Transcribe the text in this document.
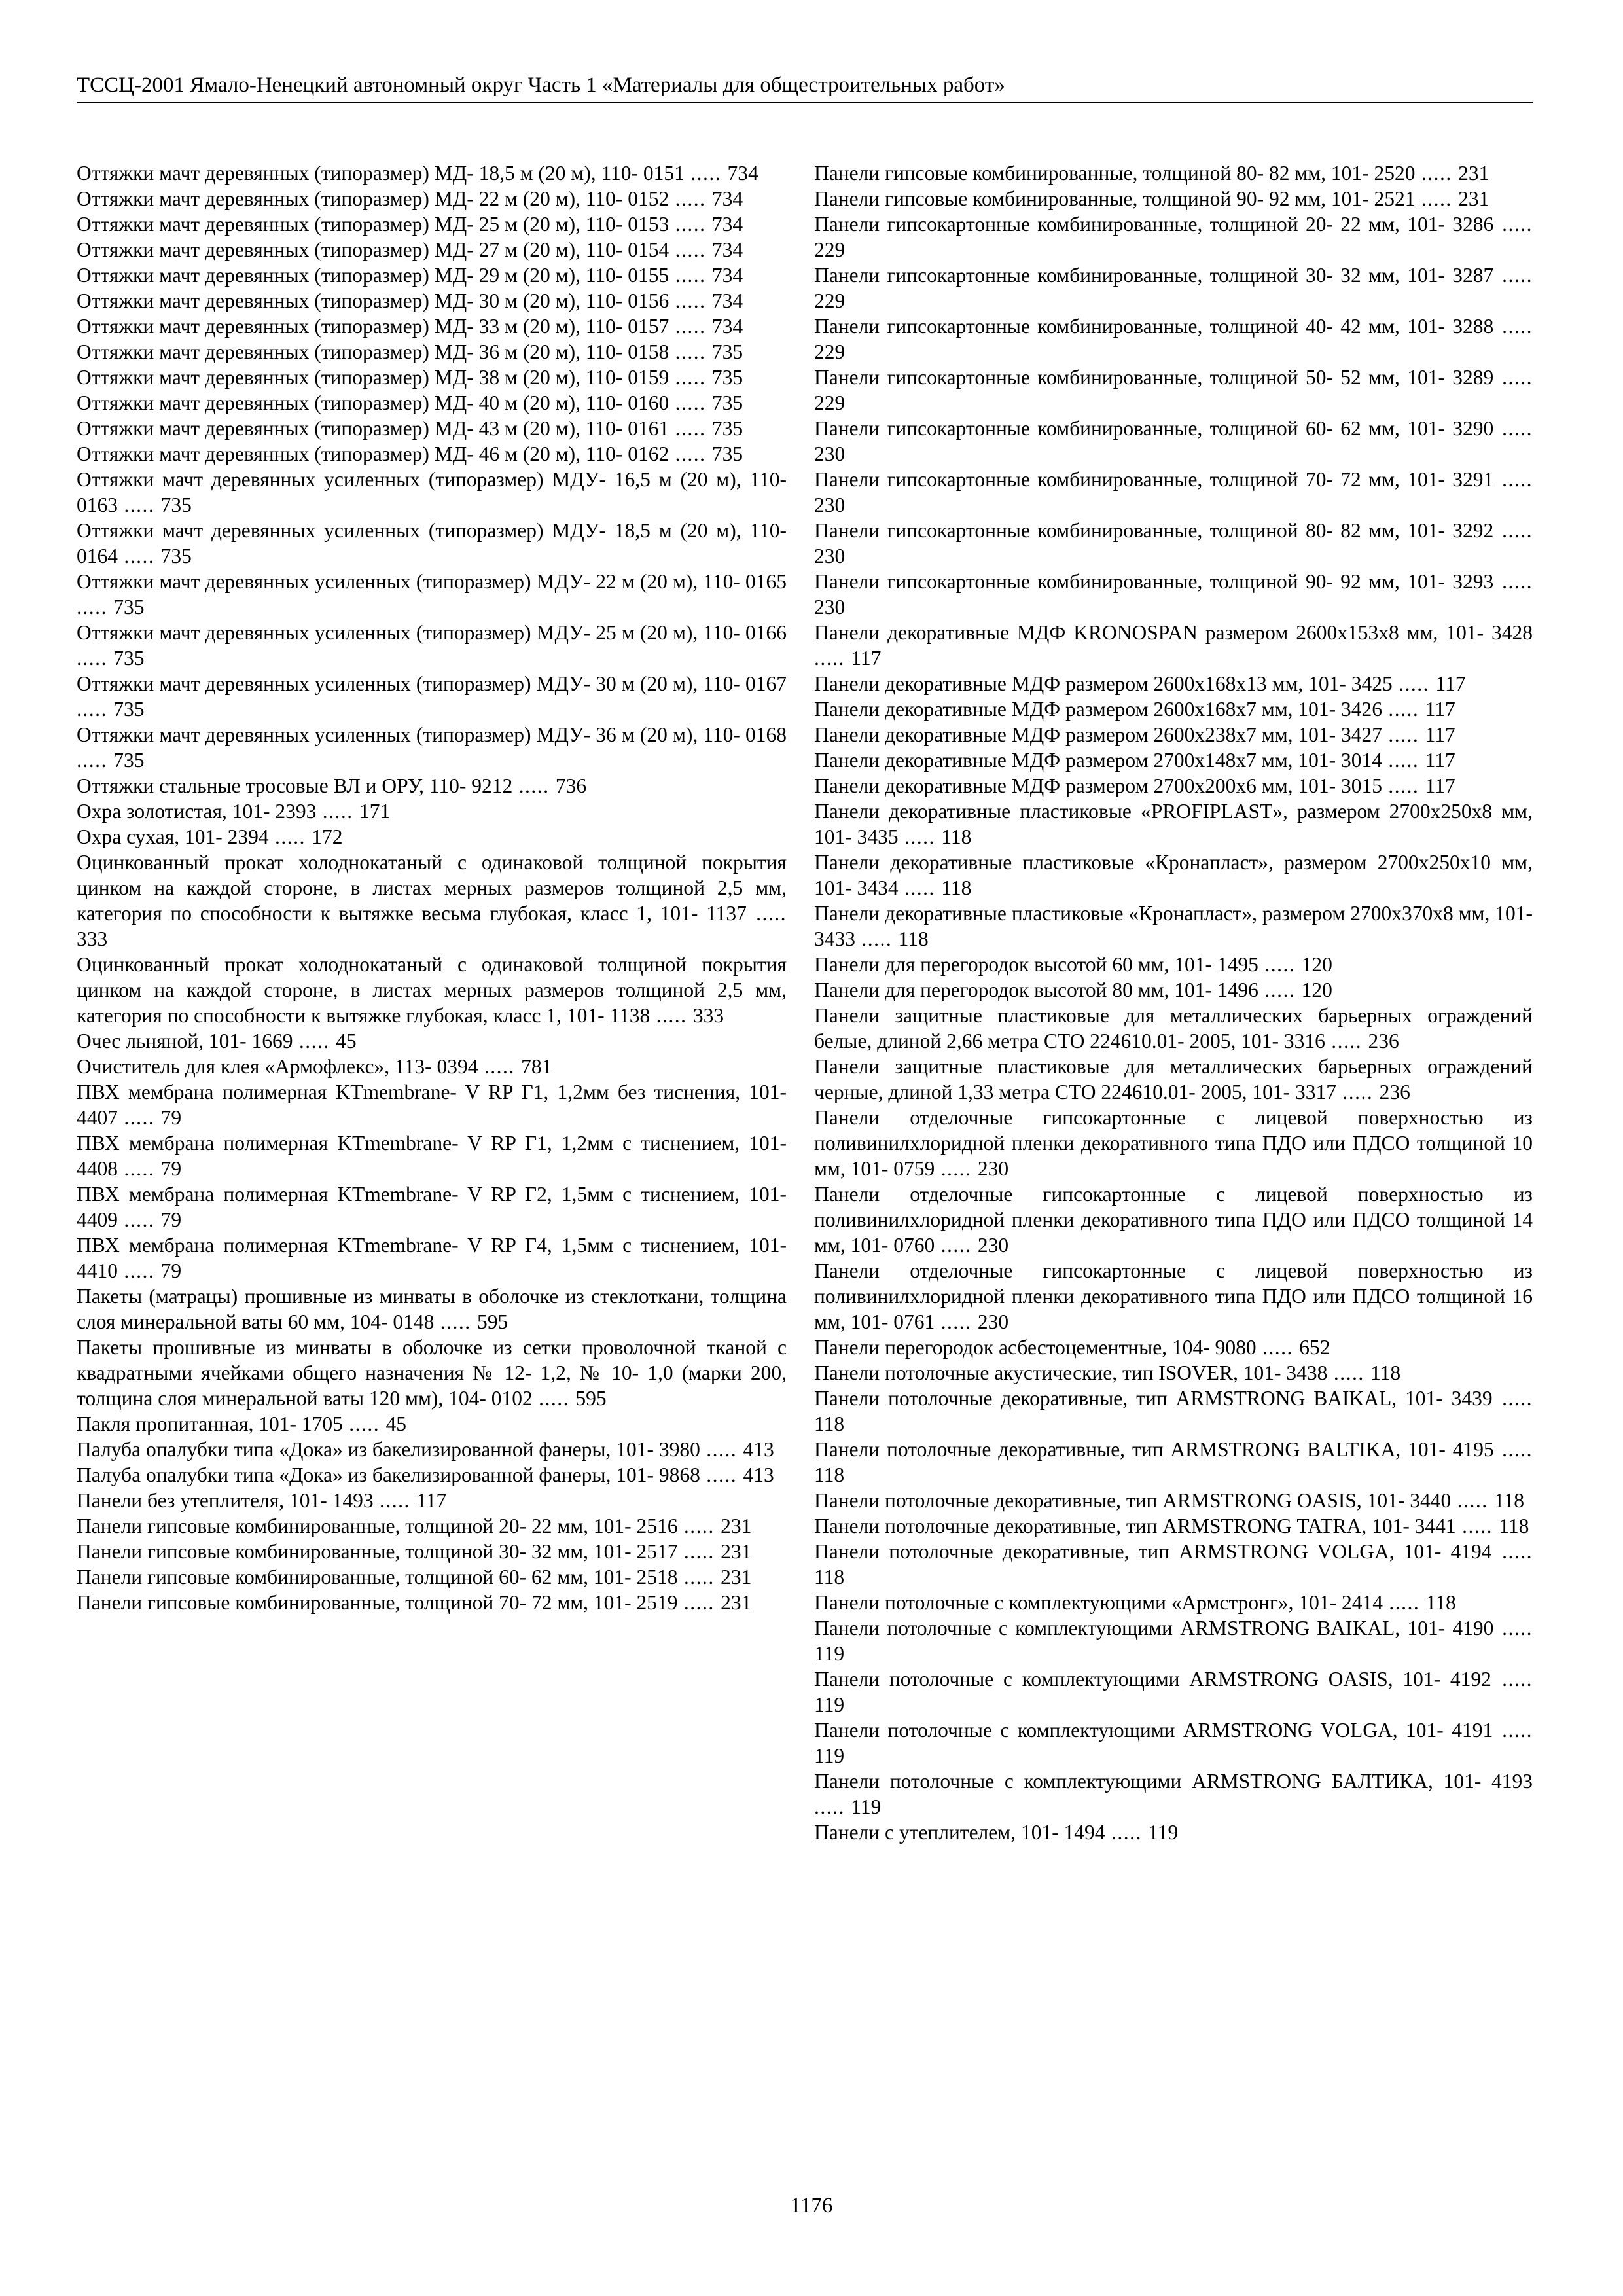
ТССЦ-2001 Ямало-Ненецкий автономный округ Часть 1 «Материалы для общестроительных работ»
Оттяжки мачт деревянных (типоразмер) МД- 18,5 м (20 м), 110- 0151 ..... 734
Оттяжки мачт деревянных (типоразмер) МД- 22 м (20 м), 110- 0152 ..... 734
Оттяжки мачт деревянных (типоразмер) МД- 25 м (20 м), 110- 0153 ..... 734
Оттяжки мачт деревянных (типоразмер) МД- 27 м (20 м), 110- 0154 ..... 734
Оттяжки мачт деревянных (типоразмер) МД- 29 м (20 м), 110- 0155 ..... 734
Оттяжки мачт деревянных (типоразмер) МД- 30 м (20 м), 110- 0156 ..... 734
Оттяжки мачт деревянных (типоразмер) МД- 33 м (20 м), 110- 0157 ..... 734
Оттяжки мачт деревянных (типоразмер) МД- 36 м (20 м), 110- 0158 ..... 735
Оттяжки мачт деревянных (типоразмер) МД- 38 м (20 м), 110- 0159 ..... 735
Оттяжки мачт деревянных (типоразмер) МД- 40 м (20 м), 110- 0160 ..... 735
Оттяжки мачт деревянных (типоразмер) МД- 43 м (20 м), 110- 0161 ..... 735
Оттяжки мачт деревянных (типоразмер) МД- 46 м (20 м), 110- 0162 ..... 735
Оттяжки мачт деревянных усиленных (типоразмер) МДУ- 16,5 м (20 м), 110- 0163 ..... 735
Оттяжки мачт деревянных усиленных (типоразмер) МДУ- 18,5 м (20 м), 110- 0164 ..... 735
Оттяжки мачт деревянных усиленных (типоразмер) МДУ- 22 м (20 м), 110- 0165 ..... 735
Оттяжки мачт деревянных усиленных (типоразмер) МДУ- 25 м (20 м), 110- 0166 ..... 735
Оттяжки мачт деревянных усиленных (типоразмер) МДУ- 30 м (20 м), 110- 0167 ..... 735
Оттяжки мачт деревянных усиленных (типоразмер) МДУ- 36 м (20 м), 110- 0168 ..... 735
Оттяжки стальные тросовые ВЛ и ОРУ, 110- 9212 ..... 736
Охра золотистая, 101- 2393 ..... 171
Охра сухая, 101- 2394 ..... 172
Оцинкованный прокат холоднокатаный с одинаковой толщиной покрытия цинком на каждой стороне, в листах мерных размеров толщиной 2,5 мм, категория по способности к вытяжке весьма глубокая, класс 1, 101- 1137 ..... 333
Оцинкованный прокат холоднокатаный с одинаковой толщиной покрытия цинком на каждой стороне, в листах мерных размеров толщиной 2,5 мм, категория по способности к вытяжке глубокая, класс 1, 101- 1138 ..... 333
Очес льняной, 101- 1669 ..... 45
Очиститель для клея «Армофлекс», 113- 0394 ..... 781
ПВХ мембрана полимерная KTmembrane- V RP Г1, 1,2мм без тиснения, 101- 4407 ..... 79
ПВХ мембрана полимерная KTmembrane- V RP Г1, 1,2мм с тиснением, 101- 4408 ..... 79
ПВХ мембрана полимерная KTmembrane- V RP Г2, 1,5мм с тиснением, 101- 4409 ..... 79
ПВХ мембрана полимерная KTmembrane- V RP Г4, 1,5мм с тиснением, 101- 4410 ..... 79
Пакеты (матрацы) прошивные из минваты в оболочке из стеклоткани, толщина слоя минеральной ваты 60 мм, 104- 0148 ..... 595
Пакеты прошивные из минваты в оболочке из сетки проволочной тканой с квадратными ячейками общего назначения № 12- 1,2, № 10- 1,0 (марки 200, толщина слоя минеральной ваты 120 мм), 104- 0102 ..... 595
Пакля пропитанная, 101- 1705 ..... 45
Палуба опалубки типа «Дока» из бакелизированной фанеры, 101- 3980 ..... 413
Палуба опалубки типа «Дока» из бакелизированной фанеры, 101- 9868 ..... 413
Панели без утеплителя, 101- 1493 ..... 117
Панели гипсовые комбинированные, толщиной 20- 22 мм, 101- 2516 ..... 231
Панели гипсовые комбинированные, толщиной 30- 32 мм, 101- 2517 ..... 231
Панели гипсовые комбинированные, толщиной 60- 62 мм, 101- 2518 ..... 231
Панели гипсовые комбинированные, толщиной 70- 72 мм, 101- 2519 ..... 231
Панели гипсовые комбинированные, толщиной 80- 82 мм, 101- 2520 ..... 231
Панели гипсовые комбинированные, толщиной 90- 92 мм, 101- 2521 ..... 231
Панели гипсокартонные комбинированные, толщиной 20- 22 мм, 101- 3286 ..... 229
Панели гипсокартонные комбинированные, толщиной 30- 32 мм, 101- 3287 ..... 229
Панели гипсокартонные комбинированные, толщиной 40- 42 мм, 101- 3288 ..... 229
Панели гипсокартонные комбинированные, толщиной 50- 52 мм, 101- 3289 ..... 229
Панели гипсокартонные комбинированные, толщиной 60- 62 мм, 101- 3290 ..... 230
Панели гипсокартонные комбинированные, толщиной 70- 72 мм, 101- 3291 ..... 230
Панели гипсокартонные комбинированные, толщиной 80- 82 мм, 101- 3292 ..... 230
Панели гипсокартонные комбинированные, толщиной 90- 92 мм, 101- 3293 ..... 230
Панели декоративные МДФ KRONOSPAN размером 2600х153х8 мм, 101- 3428 ..... 117
Панели декоративные МДФ размером 2600х168х13 мм, 101- 3425 ..... 117
Панели декоративные МДФ размером 2600х168х7 мм, 101- 3426 ..... 117
Панели декоративные МДФ размером 2600х238х7 мм, 101- 3427 ..... 117
Панели декоративные МДФ размером 2700х148х7 мм, 101- 3014 ..... 117
Панели декоративные МДФ размером 2700х200х6 мм, 101- 3015 ..... 117
Панели декоративные пластиковые «PROFIPLAST», размером 2700х250х8 мм, 101- 3435 ..... 118
Панели декоративные пластиковые «Кронапласт», размером 2700х250х10 мм, 101- 3434 ..... 118
Панели декоративные пластиковые «Кронапласт», размером 2700х370х8 мм, 101- 3433 ..... 118
Панели для перегородок высотой 60 мм, 101- 1495 ..... 120
Панели для перегородок высотой 80 мм, 101- 1496 ..... 120
Панели защитные пластиковые для металлических барьерных ограждений белые, длиной 2,66 метра СТО 224610.01- 2005, 101- 3316 ..... 236
Панели защитные пластиковые для металлических барьерных ограждений черные, длиной 1,33 метра СТО 224610.01- 2005, 101- 3317 ..... 236
Панели отделочные гипсокартонные с лицевой поверхностью из поливинилхлоридной пленки декоративного типа ПДО или ПДСО толщиной 10 мм, 101- 0759 ..... 230
Панели отделочные гипсокартонные с лицевой поверхностью из поливинилхлоридной пленки декоративного типа ПДО или ПДСО толщиной 14 мм, 101- 0760 ..... 230
Панели отделочные гипсокартонные с лицевой поверхностью из поливинилхлоридной пленки декоративного типа ПДО или ПДСО толщиной 16 мм, 101- 0761 ..... 230
Панели перегородок асбестоцементные, 104- 9080 ..... 652
Панели потолочные акустические, тип ISOVER, 101- 3438 ..... 118
Панели потолочные декоративные, тип ARMSTRONG BAIKAL, 101- 3439 ..... 118
Панели потолочные декоративные, тип ARMSTRONG BALTIKA, 101- 4195 ..... 118
Панели потолочные декоративные, тип ARMSTRONG OASIS, 101- 3440 ..... 118
Панели потолочные декоративные, тип ARMSTRONG TATRA, 101- 3441 ..... 118
Панели потолочные декоративные, тип ARMSTRONG VOLGA, 101- 4194 ..... 118
Панели потолочные с комплектующими «Армстронг», 101- 2414 ..... 118
Панели потолочные с комплектующими ARMSTRONG BAIKAL, 101- 4190 ..... 119
Панели потолочные с комплектующими ARMSTRONG OASIS, 101- 4192 ..... 119
Панели потолочные с комплектующими ARMSTRONG VOLGA, 101- 4191 ..... 119
Панели потолочные с комплектующими ARMSTRONG БАЛТИКА, 101- 4193 ..... 119
Панели с утеплителем, 101- 1494 ..... 119
1176
